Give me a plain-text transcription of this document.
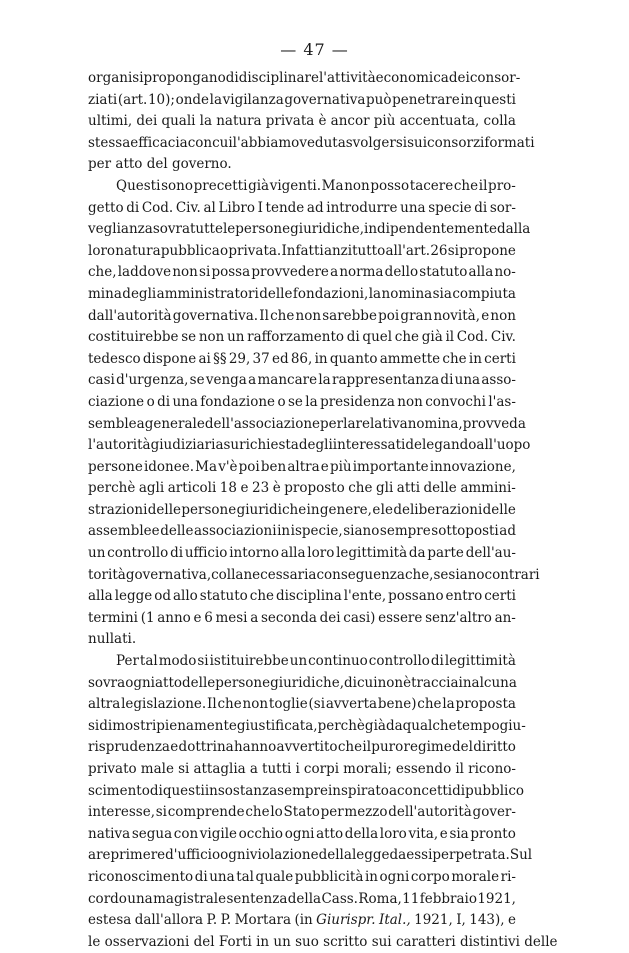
— 47 —

organi si propongano di disciplinare l'attività economica dei consor-
ziati (art. 10); onde la vigilanza governativa può penetrare in questi
ultimi, dei quali la natura privata è ancor più accentuata, colla
stessa efficacia con cui l'abbiamo veduta svolgersi sui consorzi formati
per
atto
del
governo.
Questi sono precetti già vigenti. Ma non posso tacere che il pro-
getto di Cod. Civ. al Libro I tende ad introdurre una specie di sor-
veglianza sovra tutte le persone giuridiche, indipendentemente dalla
loro natura pubblica o privata. Infatti anzitutto all'art. 26 si propone
che, laddove non si possa provvedere a norma dello statuto alla no-
mina degli amministratori delle fondazioni, la nomina sia compiuta
dall'autorità governativa. Il che non sarebbe poi gran novità, e non
costituirebbe se non un rafforzamento di quel che già il Cod. Civ.
tedesco dispone ai §§ 29, 37 ed 86, in quanto ammette che in certi
casi d'urgenza, se venga a mancare la rappresentanza di una asso-
ciazione o di una fondazione o se la presidenza non convochi l'as-
semblea generale dell'associazione per la relativa nomina, provveda
l'autorità giudiziaria su richiesta degli interessati delegando all'uopo
persone idonee. Ma v'è poi ben altra e più importante innovazione,
perchè agli articoli 18 e 23 è proposto che gli atti delle ammini-
strazioni delle persone giuridiche in genere, e le deliberazioni delle
assemblee delle associazioni in ispecie, siano sempre sottoposti ad
un controllo di ufficio intorno alla loro legittimità da parte dell'au-
torità governativa, colla necessaria conseguenza che, se siano contrari
alla legge od allo statuto che disciplina l'ente, possano entro certi
termini (1 anno e 6 mesi a seconda dei casi) essere senz'altro an-
nullati.
Per tal modo si istituirebbe un continuo controllo di legittimità
sovra ogni atto delle persone giuridiche, di cui non è traccia in alcuna
altra legislazione. Il che non toglie (si avverta bene) che la proposta
si dimostri pienamente giustificata, perchè già da qualche tempo giu-
risprudenza e dottrina hanno avvertito che il puro regime del diritto
privato male si attaglia a tutti i corpi morali; essendo il ricono-
scimento di questi in sostanza sempre inspirato a concetti di pubblico
interesse, si comprende che lo Stato per mezzo dell'autorità gover-
nativa segua con vigile occhio ogni atto della loro vita, e sia pronto
a reprimere d'ufficio ogni violazione della legge da essi perpetrata. Sul
riconoscimento di una tal quale pubblicità in ogni corpo morale ri-
cordo una magistrale sentenza della Cass. Roma, 11 febbraio 1921,
estesa dall'allora P. P. Mortara (in Giurispr. Ital., 1921, I, 143), e
le
osservazioni
del
Forti
in
un
suo
scritto
sui
caratteri
distintivi
delle
